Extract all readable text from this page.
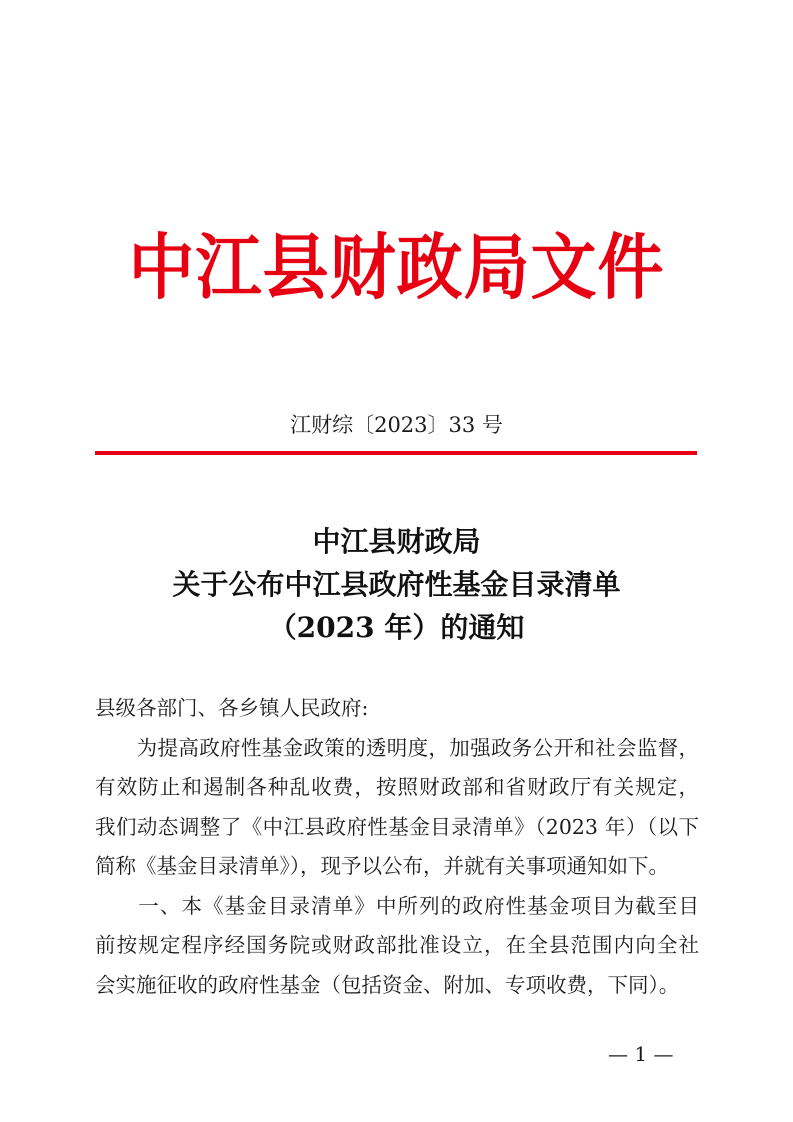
中江县财政局文件
江财综〔2023〕33 号
中江县财政局
关于公布中江县政府性基金目录清单
（2023 年）的通知
县级各部门、各乡镇人民政府:
　　为提高政府性基金政策的透明度，加强政务公开和社会监督，
有效防止和遏制各种乱收费，按照财政部和省财政厅有关规定，
我们动态调整了《中江县政府性基金目录清单》（2023 年）（以下
简称《基金目录清单》），现予以公布，并就有关事项通知如下。
　　一、本《基金目录清单》中所列的政府性基金项目为截至目
前按规定程序经国务院或财政部批准设立，在全县范围内向全社
会实施征收的政府性基金（包括资金、附加、专项收费，下同）。
— 1 —
